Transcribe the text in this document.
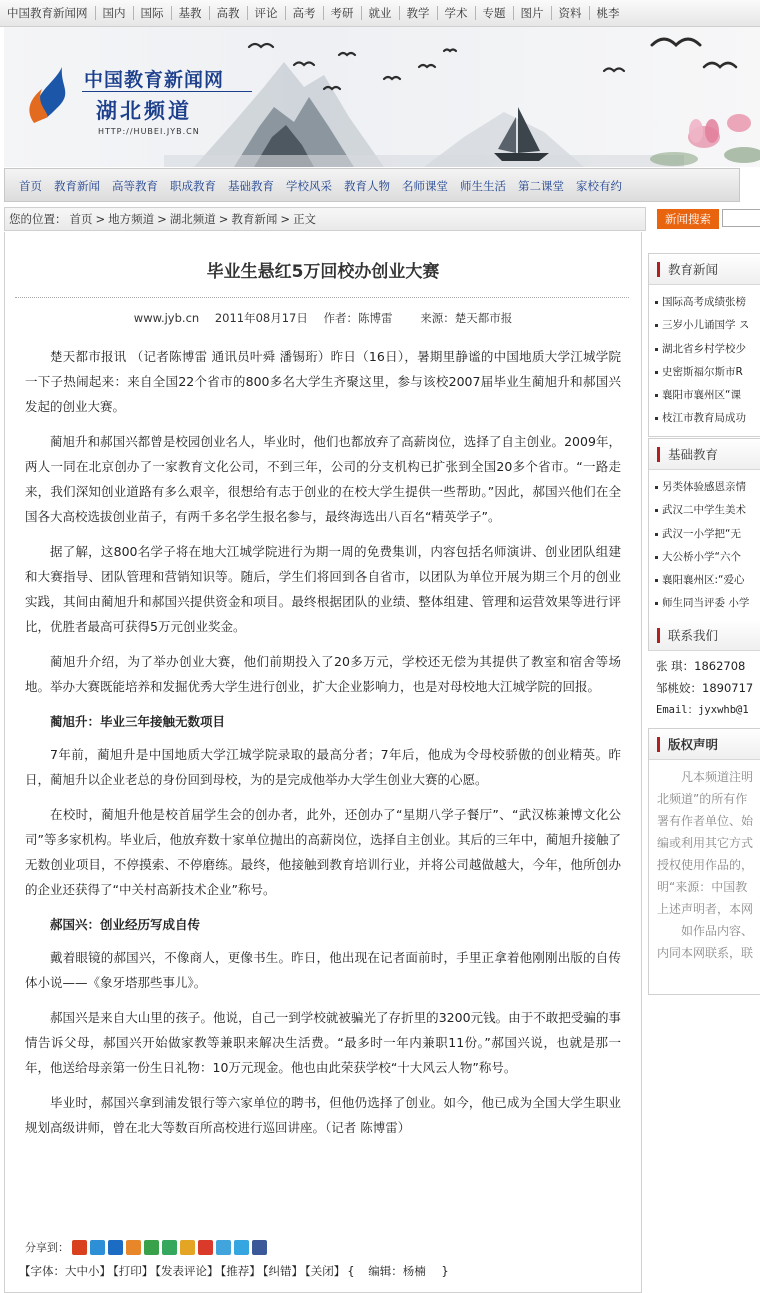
中国教育新闻网	国内	国际	基教	高教	评论	高考	考研	就业	教学	学术	专题	图片	资料	桃李
中国教育新闻网
湖北频道
HTTP://HUBEI.JYB.CN
首页	教育新闻	高等教育	职成教育	基础教育	学校风采	教育人物	名师课堂	师生生活	第二课堂	家校有约
您的位置： 首页 > 地方频道 > 湖北频道 > 教育新闻 > 正文
毕业生悬红5万回校办创业大赛
www.jyb.cn 2011年08月17日 作者：陈博雷 来源：楚天都市报

楚天都市报讯 （记者陈博雷 通讯员叶舜 潘锡珩）昨日（16日），暑期里静谧的中国地质大学江城学院一下子热闹起来：来自全国22个省市的800多名大学生齐聚这里，参与该校2007届毕业生蔺旭升和郝国兴发起的创业大赛。

蔺旭升和郝国兴都曾是校园创业名人，毕业时，他们也都放弃了高薪岗位，选择了自主创业。2009年，两人一同在北京创办了一家教育文化公司，不到三年，公司的分支机构已扩张到全国20多个省市。“一路走来，我们深知创业道路有多么艰辛，很想给有志于创业的在校大学生提供一些帮助。”因此，郝国兴他们在全国各大高校选拔创业苗子，有两千多名学生报名参与，最终海选出八百名“精英学子”。

据了解，这800名学子将在地大江城学院进行为期一周的免费集训，内容包括名师演讲、创业团队组建和大赛指导、团队管理和营销知识等。随后，学生们将回到各自省市，以团队为单位开展为期三个月的创业实践，其间由蔺旭升和郝国兴提供资金和项目。最终根据团队的业绩、整体组建、管理和运营效果等进行评比，优胜者最高可获得5万元创业奖金。

蔺旭升介绍，为了举办创业大赛，他们前期投入了20多万元，学校还无偿为其提供了教室和宿舍等场地。举办大赛既能培养和发掘优秀大学生进行创业，扩大企业影响力，也是对母校地大江城学院的回报。

蔺旭升：毕业三年接触无数项目

7年前，蔺旭升是中国地质大学江城学院录取的最高分者；7年后，他成为令母校骄傲的创业精英。昨日，蔺旭升以企业老总的身份回到母校，为的是完成他举办大学生创业大赛的心愿。

在校时，蔺旭升他是校首届学生会的创办者，此外，还创办了“星期八学子餐厅”、“武汉栋兼博文化公司”等多家机构。毕业后，他放弃数十家单位抛出的高薪岗位，选择自主创业。其后的三年中，蔺旭升接触了无数创业项目，不停摸索、不停磨练。最终，他接触到教育培训行业，并将公司越做越大，今年，他所创办的企业还获得了“中关村高新技术企业”称号。

郝国兴：创业经历写成自传

戴着眼镜的郝国兴，不像商人，更像书生。昨日，他出现在记者面前时，手里正拿着他刚刚出版的自传体小说——《象牙塔那些事儿》。

郝国兴是来自大山里的孩子。他说，自己一到学校就被骗光了存折里的3200元钱。由于不敢把受骗的事情告诉父母，郝国兴开始做家教等兼职来解决生活费。“最多时一年内兼职11份。”郝国兴说，也就是那一年，他送给母亲第一份生日礼物：10万元现金。他也由此荣获学校“十大风云人物”称号。

毕业时，郝国兴拿到浦发银行等六家单位的聘书，但他仍选择了创业。如今，他已成为全国大学生职业规划高级讲师，曾在北大等数百所高校进行巡回讲座。（记者 陈博雷）

分享到：
【字体：大中小】 【打印】 【发表评论】 【推荐】 【纠错】 【关闭】 { 编辑：杨楠 }
新闻搜索
教育新闻
国际高考成绩张榜
三岁小儿诵国学 ス
湖北省乡村学校少
史密斯福尔斯市R
襄阳市襄州区“课
枝江市教育局成功
基础教育
另类体验感恩亲情
武汉二中学生美术
武汉一小学把“无
大公桥小学“六个
襄阳襄州区:“爱心
师生同当评委 小学
联系我们
张 琪：1862708
邹桃姣：1890717
Email：jyxwhb@1
版权声明
凡本频道注明
北频道”的所有作
署有作者单位、始
编或利用其它方式
授权使用作品的，
明“来源：中国教
上述声明者，本网
如作品内容、
内同本网联系，联
